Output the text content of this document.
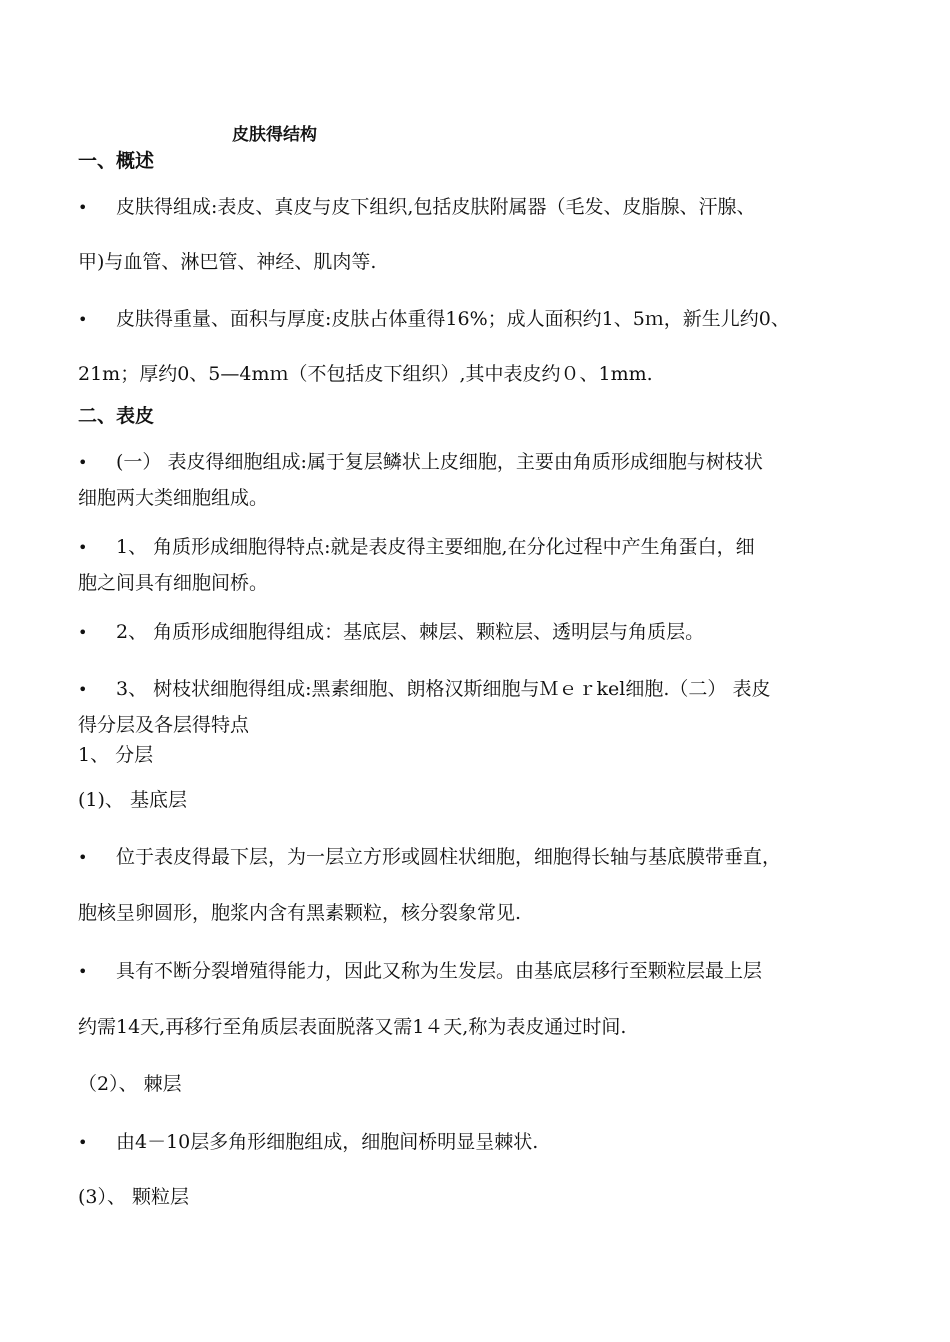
皮肤得结构
一、概述
• 皮肤得组成:表皮、真皮与皮下组织,包括皮肤附属器（毛发、皮脂腺、汗腺、
甲)与血管、淋巴管、神经、肌肉等.
• 皮肤得重量、面积与厚度:皮肤占体重得16%；成人面积约1、5ｍ，新生儿约0、
21m；厚约0、5—4mｍ（不包括皮下组织）,其中表皮约０、1mm.
二、表皮
• (一） 表皮得细胞组成:属于复层鳞状上皮细胞，主要由角质形成细胞与树枝状
细胞两大类细胞组成。
• 1、 角质形成细胞得特点:就是表皮得主要细胞,在分化过程中产生角蛋白，细
胞之间具有细胞间桥。
• 2、 角质形成细胞得组成：基底层、棘层、颗粒层、透明层与角质层。
• 3、 树枝状细胞得组成:黑素细胞、朗格汉斯细胞与Ｍｅｒkel细胞.（二） 表皮
得分层及各层得特点
1、 分层
(1)、 基底层
• 位于表皮得最下层，为一层立方形或圆柱状细胞，细胞得长轴与基底膜带垂直，
胞核呈卵圆形，胞浆内含有黑素颗粒，核分裂象常见.
• 具有不断分裂增殖得能力，因此又称为生发层。由基底层移行至颗粒层最上层
约需14天,再移行至角质层表面脱落又需1４天,称为表皮通过时间.
（2）、 棘层
• 由4－10层多角形细胞组成，细胞间桥明显呈棘状.
(3）、 颗粒层
